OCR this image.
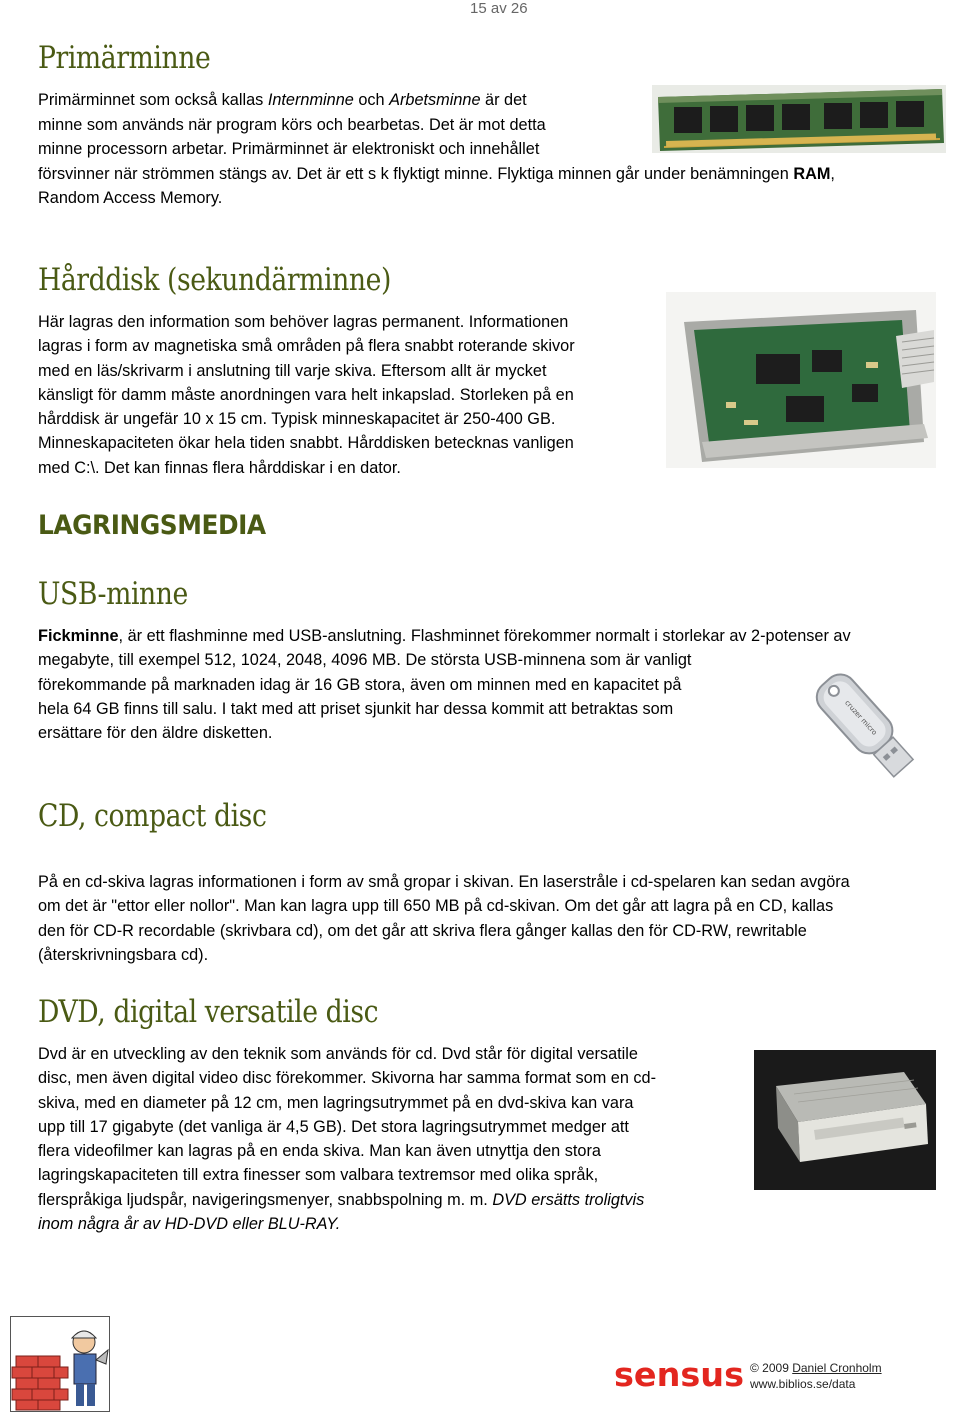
15 av 26
Primärminne
Primärminnet som också kallas Internminne och Arbetsminne är det
minne som används när program körs och bearbetas. Det är mot detta
minne processorn arbetar. Primärminnet är elektroniskt och innehållet
försvinner när strömmen stängs av. Det är ett s k flyktigt minne. Flyktiga minnen går under benämningen RAM,
Random Access Memory.
Hårddisk (sekundärminne)
Här lagras den information som behöver lagras permanent. Informationen
lagras i form av magnetiska små områden på flera snabbt roterande skivor
med en läs/skrivarm i anslutning till varje skiva. Eftersom allt är mycket
känsligt för damm måste anordningen vara helt inkapslad. Storleken på en
hårddisk är ungefär 10 x 15 cm. Typisk minneskapacitet är 250-400 GB.
Minneskapaciteten ökar hela tiden snabbt. Hårddisken betecknas vanligen
med C:\. Det kan finnas flera hårddiskar i en dator.
LAGRINGSMEDIA
USB-minne
Fickminne, är ett flashminne med USB-anslutning. Flashminnet förekommer normalt i storlekar av 2-potenser av
megabyte, till exempel 512, 1024, 2048, 4096 MB. De största USB-minnena som är vanligt
förekommande på marknaden idag är 16 GB stora, även om minnen med en kapacitet på
hela 64 GB finns till salu. I takt med att priset sjunkit har dessa kommit att betraktas som
ersättare för den äldre disketten.	cruzer micro
CD, compact disc
På en cd-skiva lagras informationen i form av små gropar i skivan. En laserstråle i cd-spelaren kan sedan avgöra
om det är "ettor eller nollor". Man kan lagra upp till 650 MB på cd-skivan. Om det går att lagra på en CD, kallas
den för CD-R recordable (skrivbara cd), om det går att skriva flera gånger kallas den för CD-RW, rewritable
(återskrivningsbara cd).
DVD, digital versatile disc
Dvd är en utveckling av den teknik som används för cd. Dvd står för digital versatile
disc, men även digital video disc förekommer. Skivorna har samma format som en cd-
skiva, med en diameter på 12 cm, men lagringsutrymmet på en dvd-skiva kan vara
upp till 17 gigabyte (det vanliga är 4,5 GB). Det stora lagringsutrymmet medger att
flera videofilmer kan lagras på en enda skiva. Man kan även utnyttja den stora
lagringskapaciteten till extra finesser som valbara textremsor med olika språk,
flerspråkiga ljudspår, navigeringsmenyer, snabbspolning m. m. DVD ersätts troligtvis
inom några år av HD-DVD eller BLU-RAY.
sensus © 2009 Daniel Cronholm
www.biblios.se/data
